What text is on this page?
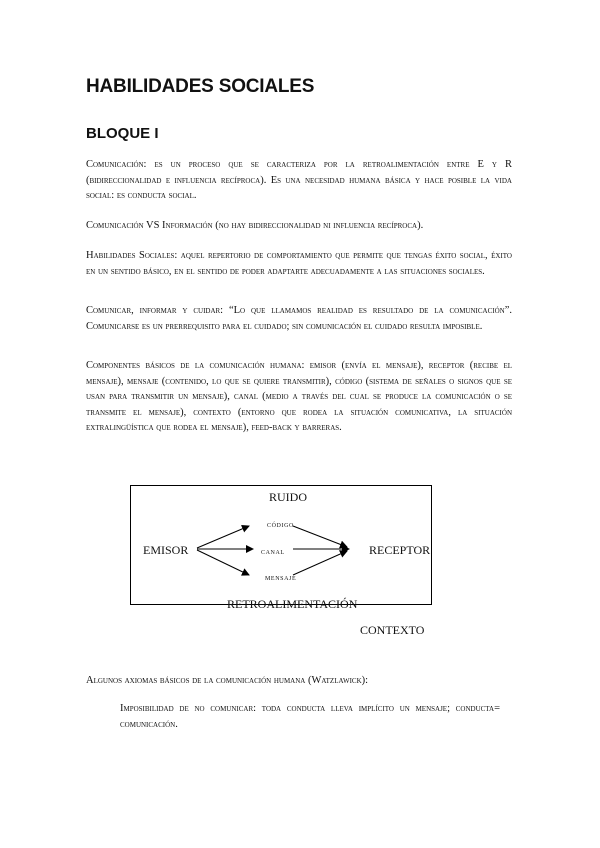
HABILIDADES SOCIALES
BLOQUE I

Comunicación: es un proceso que se caracteriza por la retroalimentación entre E y R (bidireccionalidad e influencia recíproca). Es una necesidad humana básica y hace posible la vida social: es conducta social.

Comunicación VS Información (no hay bidireccionalidad ni influencia recíproca).

Habilidades Sociales: aquel repertorio de comportamiento que permite que tengas éxito social, éxito en un sentido básico, en el sentido de poder adaptarte adecuadamente a las situaciones sociales.

Comunicar, informar y cuidar: “Lo que llamamos realidad es resultado de la comunicación”. Comunicarse es un prerrequisito para el cuidado; sin comunicación el cuidado resulta imposible.

Componentes básicos de la comunicación humana: emisor (envía el mensaje), receptor (recibe el mensaje), mensaje (contenido, lo que se quiere transmitir), código (sistema de señales o signos que se usan para transmitir un mensaje), canal (medio a través del cual se produce la comunicación o se transmite el mensaje), contexto (entorno que rodea la situación comunicativa, la situación extralingüística que rodea el mensaje), feed-back y barreras.

RUIDO
código
EMISOR	canal	RECEPTOR
mensaje
RETROALIMENTACIÓN
CONTEXTO

Algunos axiomas básicos de la comunicación humana (Watzlawick):

Imposibilidad de no comunicar: toda conducta lleva implícito un mensaje; conducta= comunicación.
